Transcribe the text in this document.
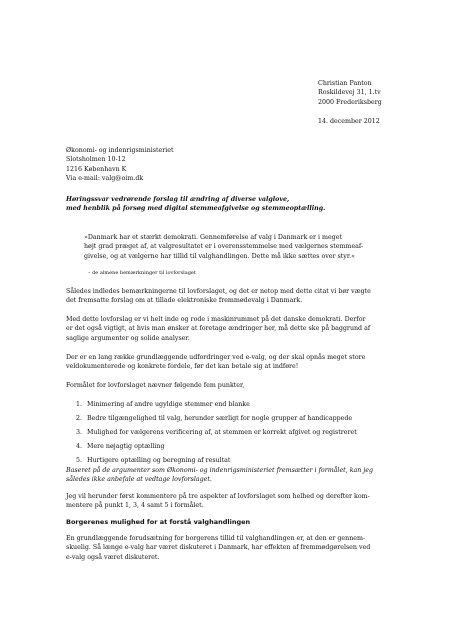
Christian Panton
Roskildevej 31, 1.tv
2000 Frederiksberg
14. december 2012
Økonomi- og indenrigsministeriet
Slotsholmen 10-12
1216 København K
Via e-mail: valg@oim.dk
Høringssvar vedrørende forslag til ændring af diverse valglove,
med henblik på forsøg med digital stemmeafgivelse og stemmeoptælling.
»Danmark har et stærkt demokrati. Gennemførelse af valg i Danmark er i meget
højt grad præget af, at valgresultatet er i overensstemmelse med vælgernes stemmeaf-
givelse, og at vælgerne har tillid til valghandlingen. Dette må ikke sættes over styr.«
– de almene bemærkninger til lovforslaget
Således indledes bemærkningerne til lovforslaget, og det er netop med dette citat vi bør vægte
det fremsatte forslag om at tillade elektroniske fremmødevalg i Danmark.
Med dette lovforslag er vi helt inde og rode i maskinrummet på det danske demokrati. Derfor
er det også vigtigt, at hvis man ønsker at foretage ændringer her, må dette ske på baggrund af
saglige argumenter og solide analyser.
Der er en lang række grundlæggende udfordringer ved e-valg, og der skal opnås meget store
veldokumenterede og konkrete fordele, før det kan betale sig at indføre!
Formålet for lovforslaget nævner følgende fem punkter,
1. Minimering af andre ugyldige stemmer end blanke
2. Bedre tilgængelighed til valg, herunder særligt for nogle grupper af handicappede
3. Mulighed for vælgerens verificering af, at stemmen er korrekt afgivet og registreret
4. Mere nøjagtig optælling
5. Hurtigere optælling og beregning af resultat
Baseret på de argumenter som Økonomi- og indenrigsministeriet fremsætter i formålet, kan jeg
således ikke anbefale at vedtage lovforslaget.
Jeg vil herunder først kommentere på tre aspekter af lovforslaget som helhed og derefter kom-
mentere på punkt 1, 3, 4 samt 5 i formålet.
Borgerenes mulighed for at forstå valghandlingen
En grundlæggende forudsætning for borgerens tillid til valghandlingen er, at den er gennem-
skuelig. Så længe e-valg har været diskuteret i Danmark, har effekten af fremmødgørelsen ved
e-valg også været diskuteret.
